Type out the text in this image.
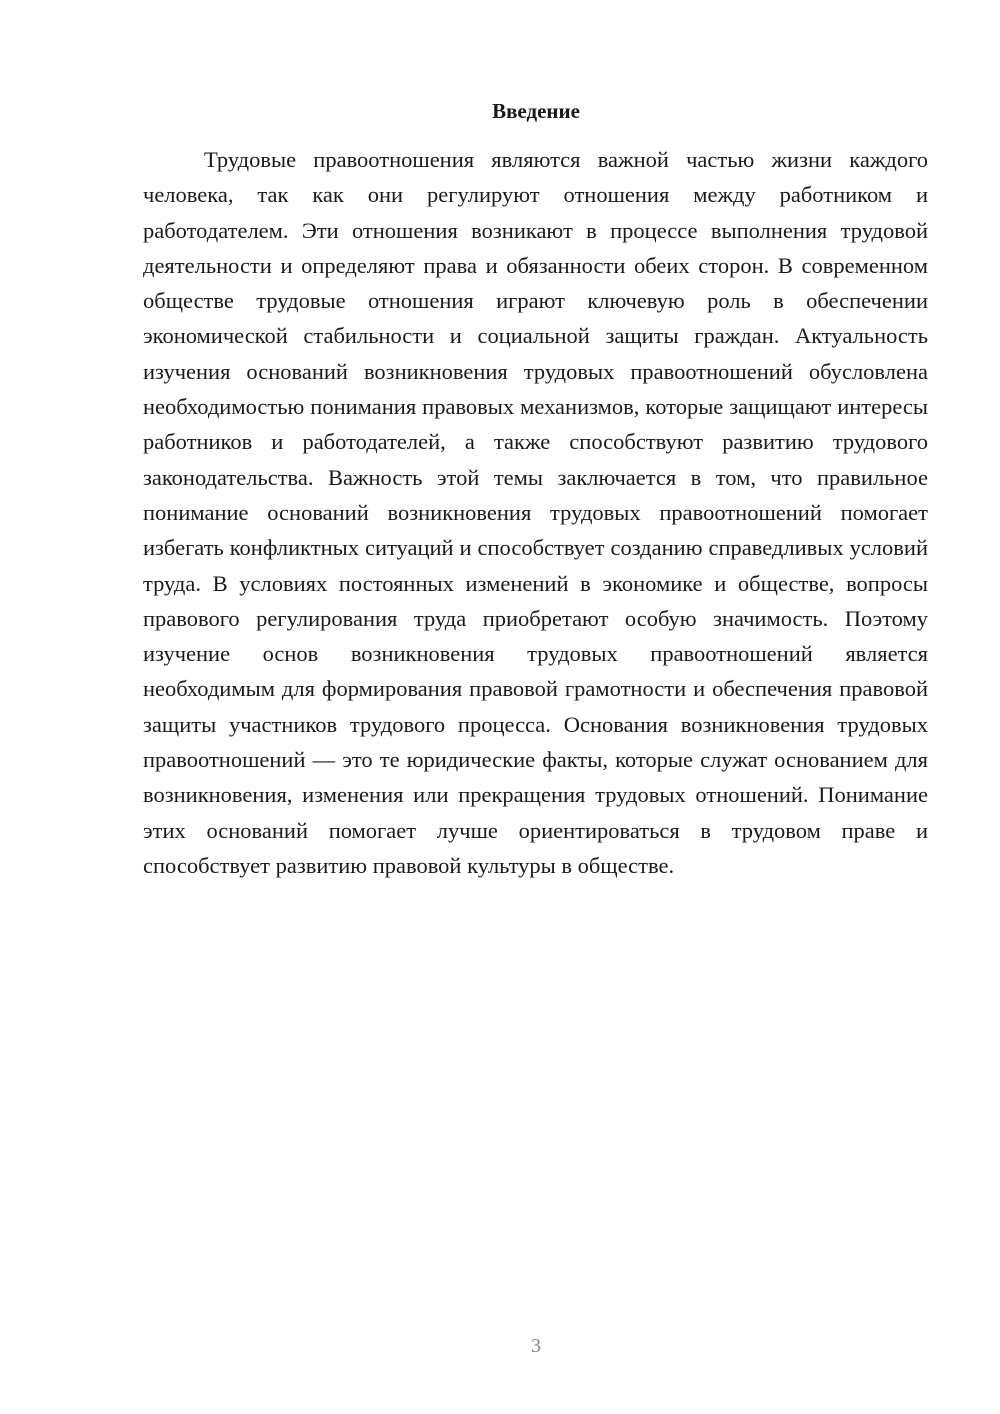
Введение

Трудовые правоотношения являются важной частью жизни каждого человека, так как они регулируют отношения между работником и работодателем. Эти отношения возникают в процессе выполнения трудовой деятельности и определяют права и обязанности обеих сторон. В современном обществе трудовые отношения играют ключевую роль в обеспечении экономической стабильности и социальной защиты граждан. Актуальность изучения оснований возникновения трудовых правоотношений обусловлена необходимостью понимания правовых механизмов, которые защищают интересы работников и работодателей, а также способствуют развитию трудового законодательства. Важность этой темы заключается в том, что правильное понимание оснований возникновения трудовых правоотношений помогает избегать конфликтных ситуаций и способствует созданию справедливых условий труда. В условиях постоянных изменений в экономике и обществе, вопросы правового регулирования труда приобретают особую значимость. Поэтому изучение основ возникновения трудовых правоотношений является необходимым для формирования правовой грамотности и обеспечения правовой защиты участников трудового процесса. Основания возникновения трудовых правоотношений — это те юридические факты, которые служат основанием для возникновения, изменения или прекращения трудовых отношений. Понимание этих оснований помогает лучше ориентироваться в трудовом праве и способствует развитию правовой культуры в обществе.

3
